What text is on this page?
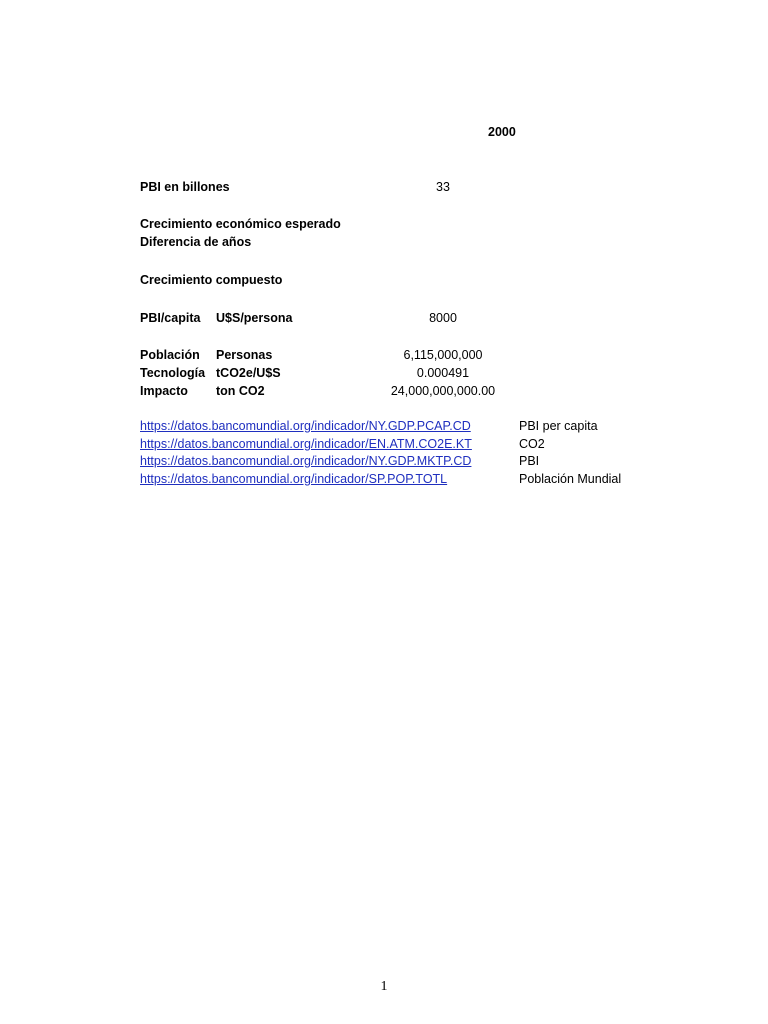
2000
PBI en billones	33
Crecimiento económico esperado
Diferencia de años
Crecimiento compuesto
PBI/capita U$S/persona	8000
Población Personas	6,115,000,000
Tecnología tCO2e/U$S	0.000491
Impacto ton CO2	24,000,000,000.00
https://datos.bancomundial.org/indicador/NY.GDP.PCAP.CD	PBI per capita
https://datos.bancomundial.org/indicador/EN.ATM.CO2E.KT	CO2
https://datos.bancomundial.org/indicador/NY.GDP.MKTP.CD	PBI
https://datos.bancomundial.org/indicador/SP.POP.TOTL	Población Mundial
1
